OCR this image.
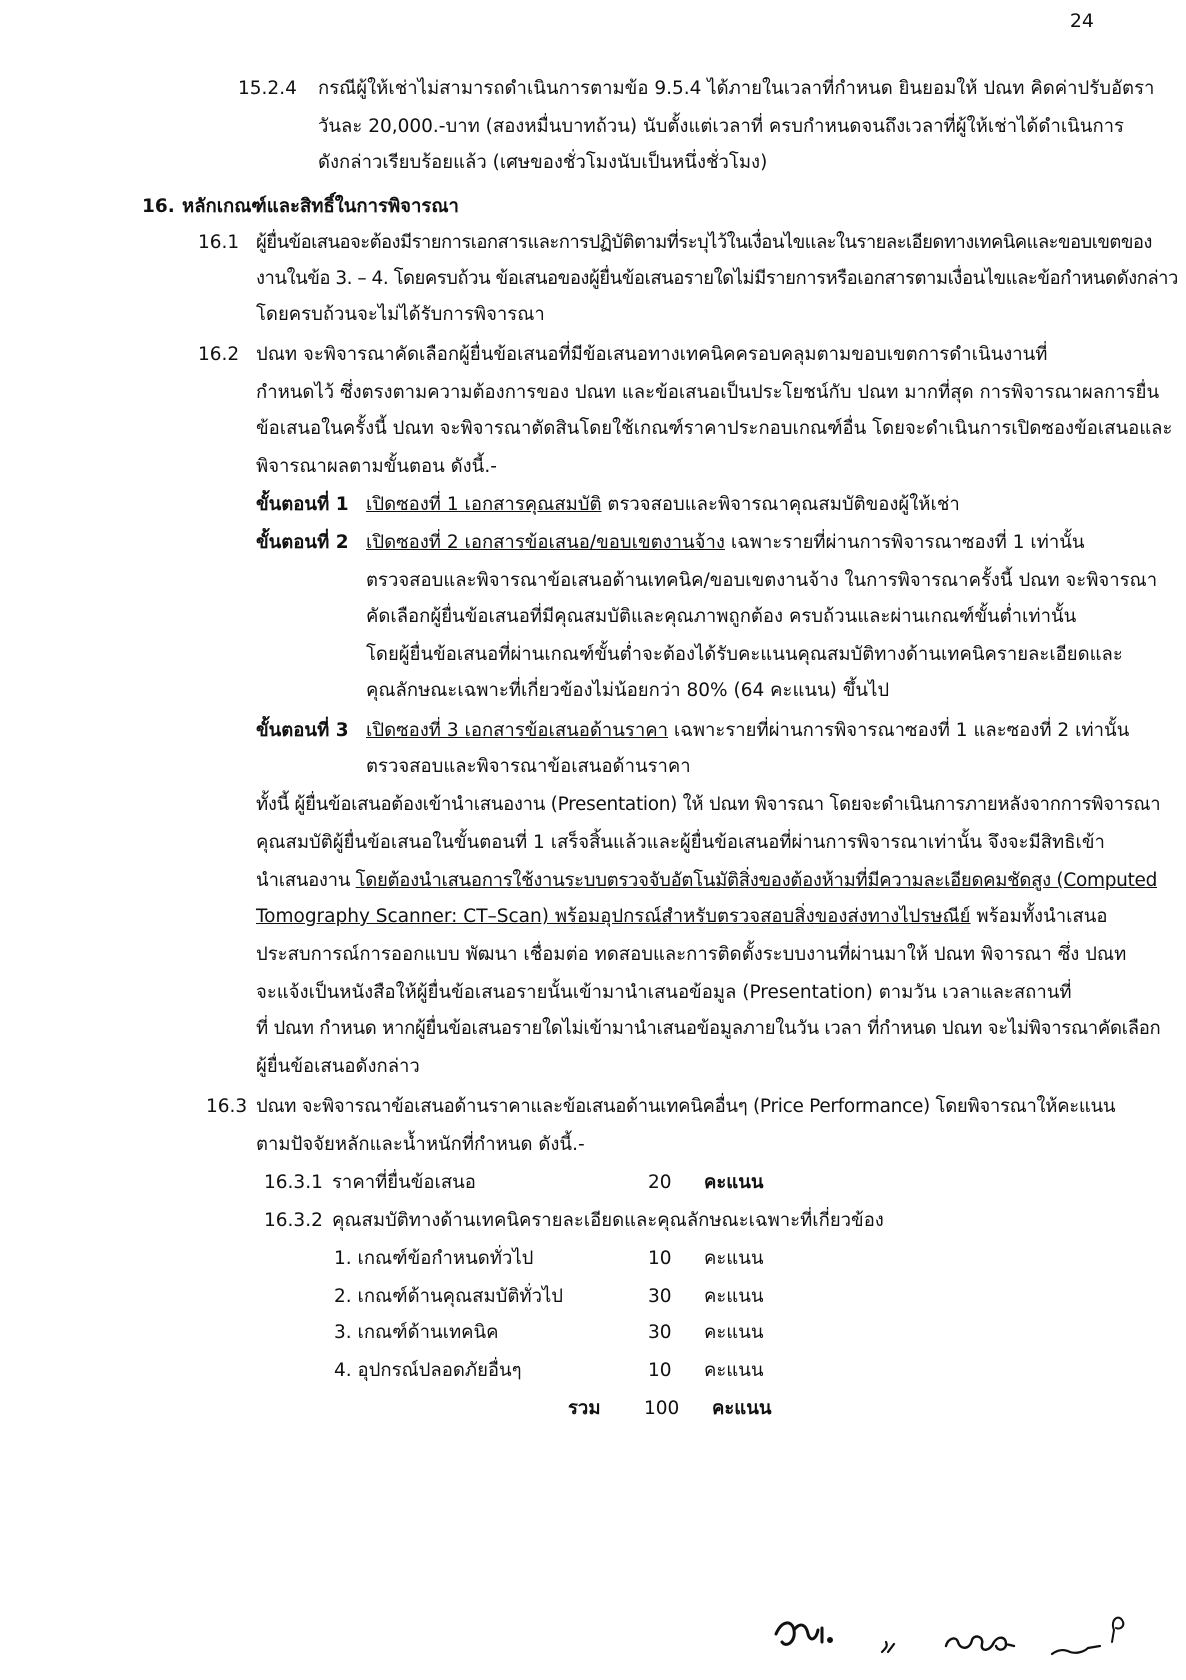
24
15.2.4 กรณีผู้ให้เช่าไม่สามารถดำเนินการตามข้อ 9.5.4 ได้ภายในเวลาที่กำหนด ยินยอมให้ ปณท คิดค่าปรับอัตรา
วันละ 20,000.-บาท (สองหมื่นบาทถ้วน) นับตั้งแต่เวลาที่ ครบกำหนดจนถึงเวลาที่ผู้ให้เช่าได้ดำเนินการ
ดังกล่าวเรียบร้อยแล้ว (เศษของชั่วโมงนับเป็นหนึ่งชั่วโมง)
16. หลักเกณฑ์และสิทธิ์ในการพิจารณา
16.1 ผู้ยื่นข้อเสนอจะต้องมีรายการเอกสารและการปฏิบัติตามที่ระบุไว้ในเงื่อนไขและในรายละเอียดทางเทคนิคและขอบเขตของ
งานในข้อ 3. – 4. โดยครบถ้วน ข้อเสนอของผู้ยื่นข้อเสนอรายใดไม่มีรายการหรือเอกสารตามเงื่อนไขและข้อกำหนดดังกล่าว
โดยครบถ้วนจะไม่ได้รับการพิจารณา
16.2 ปณท จะพิจารณาคัดเลือกผู้ยื่นข้อเสนอที่มีข้อเสนอทางเทคนิคครอบคลุมตามขอบเขตการดำเนินงานที่
กำหนดไว้ ซึ่งตรงตามความต้องการของ ปณท และข้อเสนอเป็นประโยชน์กับ ปณท มากที่สุด การพิจารณาผลการยื่น
ข้อเสนอในครั้งนี้ ปณท จะพิจารณาตัดสินโดยใช้เกณฑ์ราคาประกอบเกณฑ์อื่น โดยจะดำเนินการเปิดซองข้อเสนอและ
พิจารณาผลตามขั้นตอน ดังนี้.-
ขั้นตอนที่ 1 เปิดซองที่ 1 เอกสารคุณสมบัติ ตรวจสอบและพิจารณาคุณสมบัติของผู้ให้เช่า
ขั้นตอนที่ 2 เปิดซองที่ 2 เอกสารข้อเสนอ/ขอบเขตงานจ้าง เฉพาะรายที่ผ่านการพิจารณาซองที่ 1 เท่านั้น
ตรวจสอบและพิจารณาข้อเสนอด้านเทคนิค/ขอบเขตงานจ้าง ในการพิจารณาครั้งนี้ ปณท จะพิจารณา
คัดเลือกผู้ยื่นข้อเสนอที่มีคุณสมบัติและคุณภาพถูกต้อง ครบถ้วนและผ่านเกณฑ์ขั้นต่ำเท่านั้น
โดยผู้ยื่นข้อเสนอที่ผ่านเกณฑ์ขั้นต่ำจะต้องได้รับคะแนนคุณสมบัติทางด้านเทคนิครายละเอียดและ
คุณลักษณะเฉพาะที่เกี่ยวข้องไม่น้อยกว่า 80% (64 คะแนน) ขึ้นไป
ขั้นตอนที่ 3 เปิดซองที่ 3 เอกสารข้อเสนอด้านราคา เฉพาะรายที่ผ่านการพิจารณาซองที่ 1 และซองที่ 2 เท่านั้น
ตรวจสอบและพิจารณาข้อเสนอด้านราคา
ทั้งนี้ ผู้ยื่นข้อเสนอต้องเข้านำเสนองาน (Presentation) ให้ ปณท พิจารณา โดยจะดำเนินการภายหลังจากการพิจารณา
คุณสมบัติผู้ยื่นข้อเสนอในขั้นตอนที่ 1 เสร็จสิ้นแล้วและผู้ยื่นข้อเสนอที่ผ่านการพิจารณาเท่านั้น จึงจะมีสิทธิเข้า
นำเสนองาน โดยต้องนำเสนอการใช้งานระบบตรวจจับอัตโนมัติสิ่งของต้องห้ามที่มีความละเอียดคมชัดสูง (Computed
Tomography Scanner: CT–Scan) พร้อมอุปกรณ์สำหรับตรวจสอบสิ่งของส่งทางไปรษณีย์ พร้อมทั้งนำเสนอ
ประสบการณ์การออกแบบ พัฒนา เชื่อมต่อ ทดสอบและการติดตั้งระบบงานที่ผ่านมาให้ ปณท พิจารณา ซึ่ง ปณท
จะแจ้งเป็นหนังสือให้ผู้ยื่นข้อเสนอรายนั้นเข้ามานำเสนอข้อมูล (Presentation) ตามวัน เวลาและสถานที่
ที่ ปณท กำหนด หากผู้ยื่นข้อเสนอรายใดไม่เข้ามานำเสนอข้อมูลภายในวัน เวลา ที่กำหนด ปณท จะไม่พิจารณาคัดเลือก
ผู้ยื่นข้อเสนอดังกล่าว
16.3 ปณท จะพิจารณาข้อเสนอด้านราคาและข้อเสนอด้านเทคนิคอื่นๆ (Price Performance) โดยพิจารณาให้คะแนน
ตามปัจจัยหลักและน้ำหนักที่กำหนด ดังนี้.-
16.3.1 ราคาที่ยื่นข้อเสนอ	20 คะแนน
16.3.2 คุณสมบัติทางด้านเทคนิครายละเอียดและคุณลักษณะเฉพาะที่เกี่ยวข้อง
1. เกณฑ์ข้อกำหนดทั่วไป	10 คะแนน
2. เกณฑ์ด้านคุณสมบัติทั่วไป	30 คะแนน
3. เกณฑ์ด้านเทคนิค	30 คะแนน
4. อุปกรณ์ปลอดภัยอื่นๆ	10 คะแนน
รวม 100 คะแนน
